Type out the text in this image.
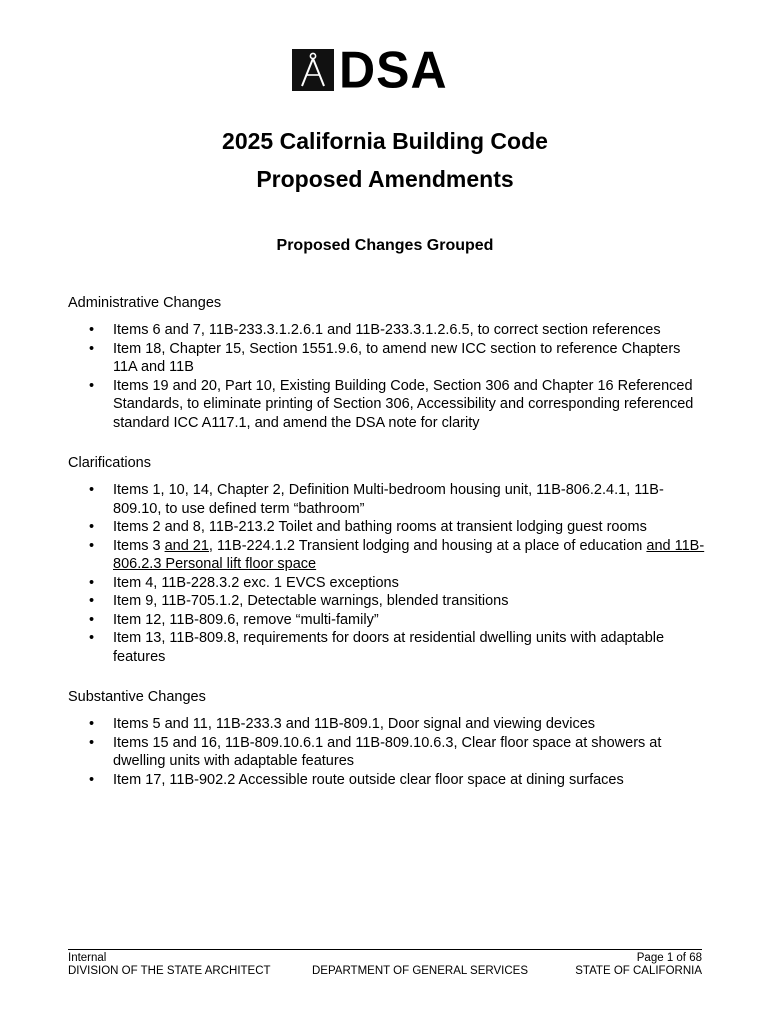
DSA
2025 California Building Code
Proposed Amendments
Proposed Changes Grouped
Administrative Changes
• Items 6 and 7, 11B-233.3.1.2.6.1 and 11B-233.3.1.2.6.5, to correct section references
• Item 18, Chapter 15, Section 1551.9.6, to amend new ICC section to reference Chapters 11A and 11B
• Items 19 and 20, Part 10, Existing Building Code, Section 306 and Chapter 16 Referenced Standards, to eliminate printing of Section 306, Accessibility and corresponding referenced standard ICC A117.1, and amend the DSA note for clarity
Clarifications
• Items 1, 10, 14, Chapter 2, Definition Multi-bedroom housing unit, 11B-806.2.4.1, 11B-809.10, to use defined term “bathroom”
• Items 2 and 8, 11B-213.2 Toilet and bathing rooms at transient lodging guest rooms
• Items 3 and 21, 11B-224.1.2 Transient lodging and housing at a place of education and 11B-806.2.3 Personal lift floor space
• Item 4, 11B-228.3.2 exc. 1 EVCS exceptions
• Item 9, 11B-705.1.2, Detectable warnings, blended transitions
• Item 12, 11B-809.6, remove “multi-family”
• Item 13, 11B-809.8, requirements for doors at residential dwelling units with adaptable features
Substantive Changes
• Items 5 and 11, 11B-233.3 and 11B-809.1, Door signal and viewing devices
• Items 15 and 16, 11B-809.10.6.1 and 11B-809.10.6.3, Clear floor space at showers at dwelling units with adaptable features
• Item 17, 11B-902.2 Accessible route outside clear floor space at dining surfaces
Internal
DIVISION OF THE STATE ARCHITECT	DEPARTMENT OF GENERAL SERVICES
Page 1 of 68
STATE OF CALIFORNIA
